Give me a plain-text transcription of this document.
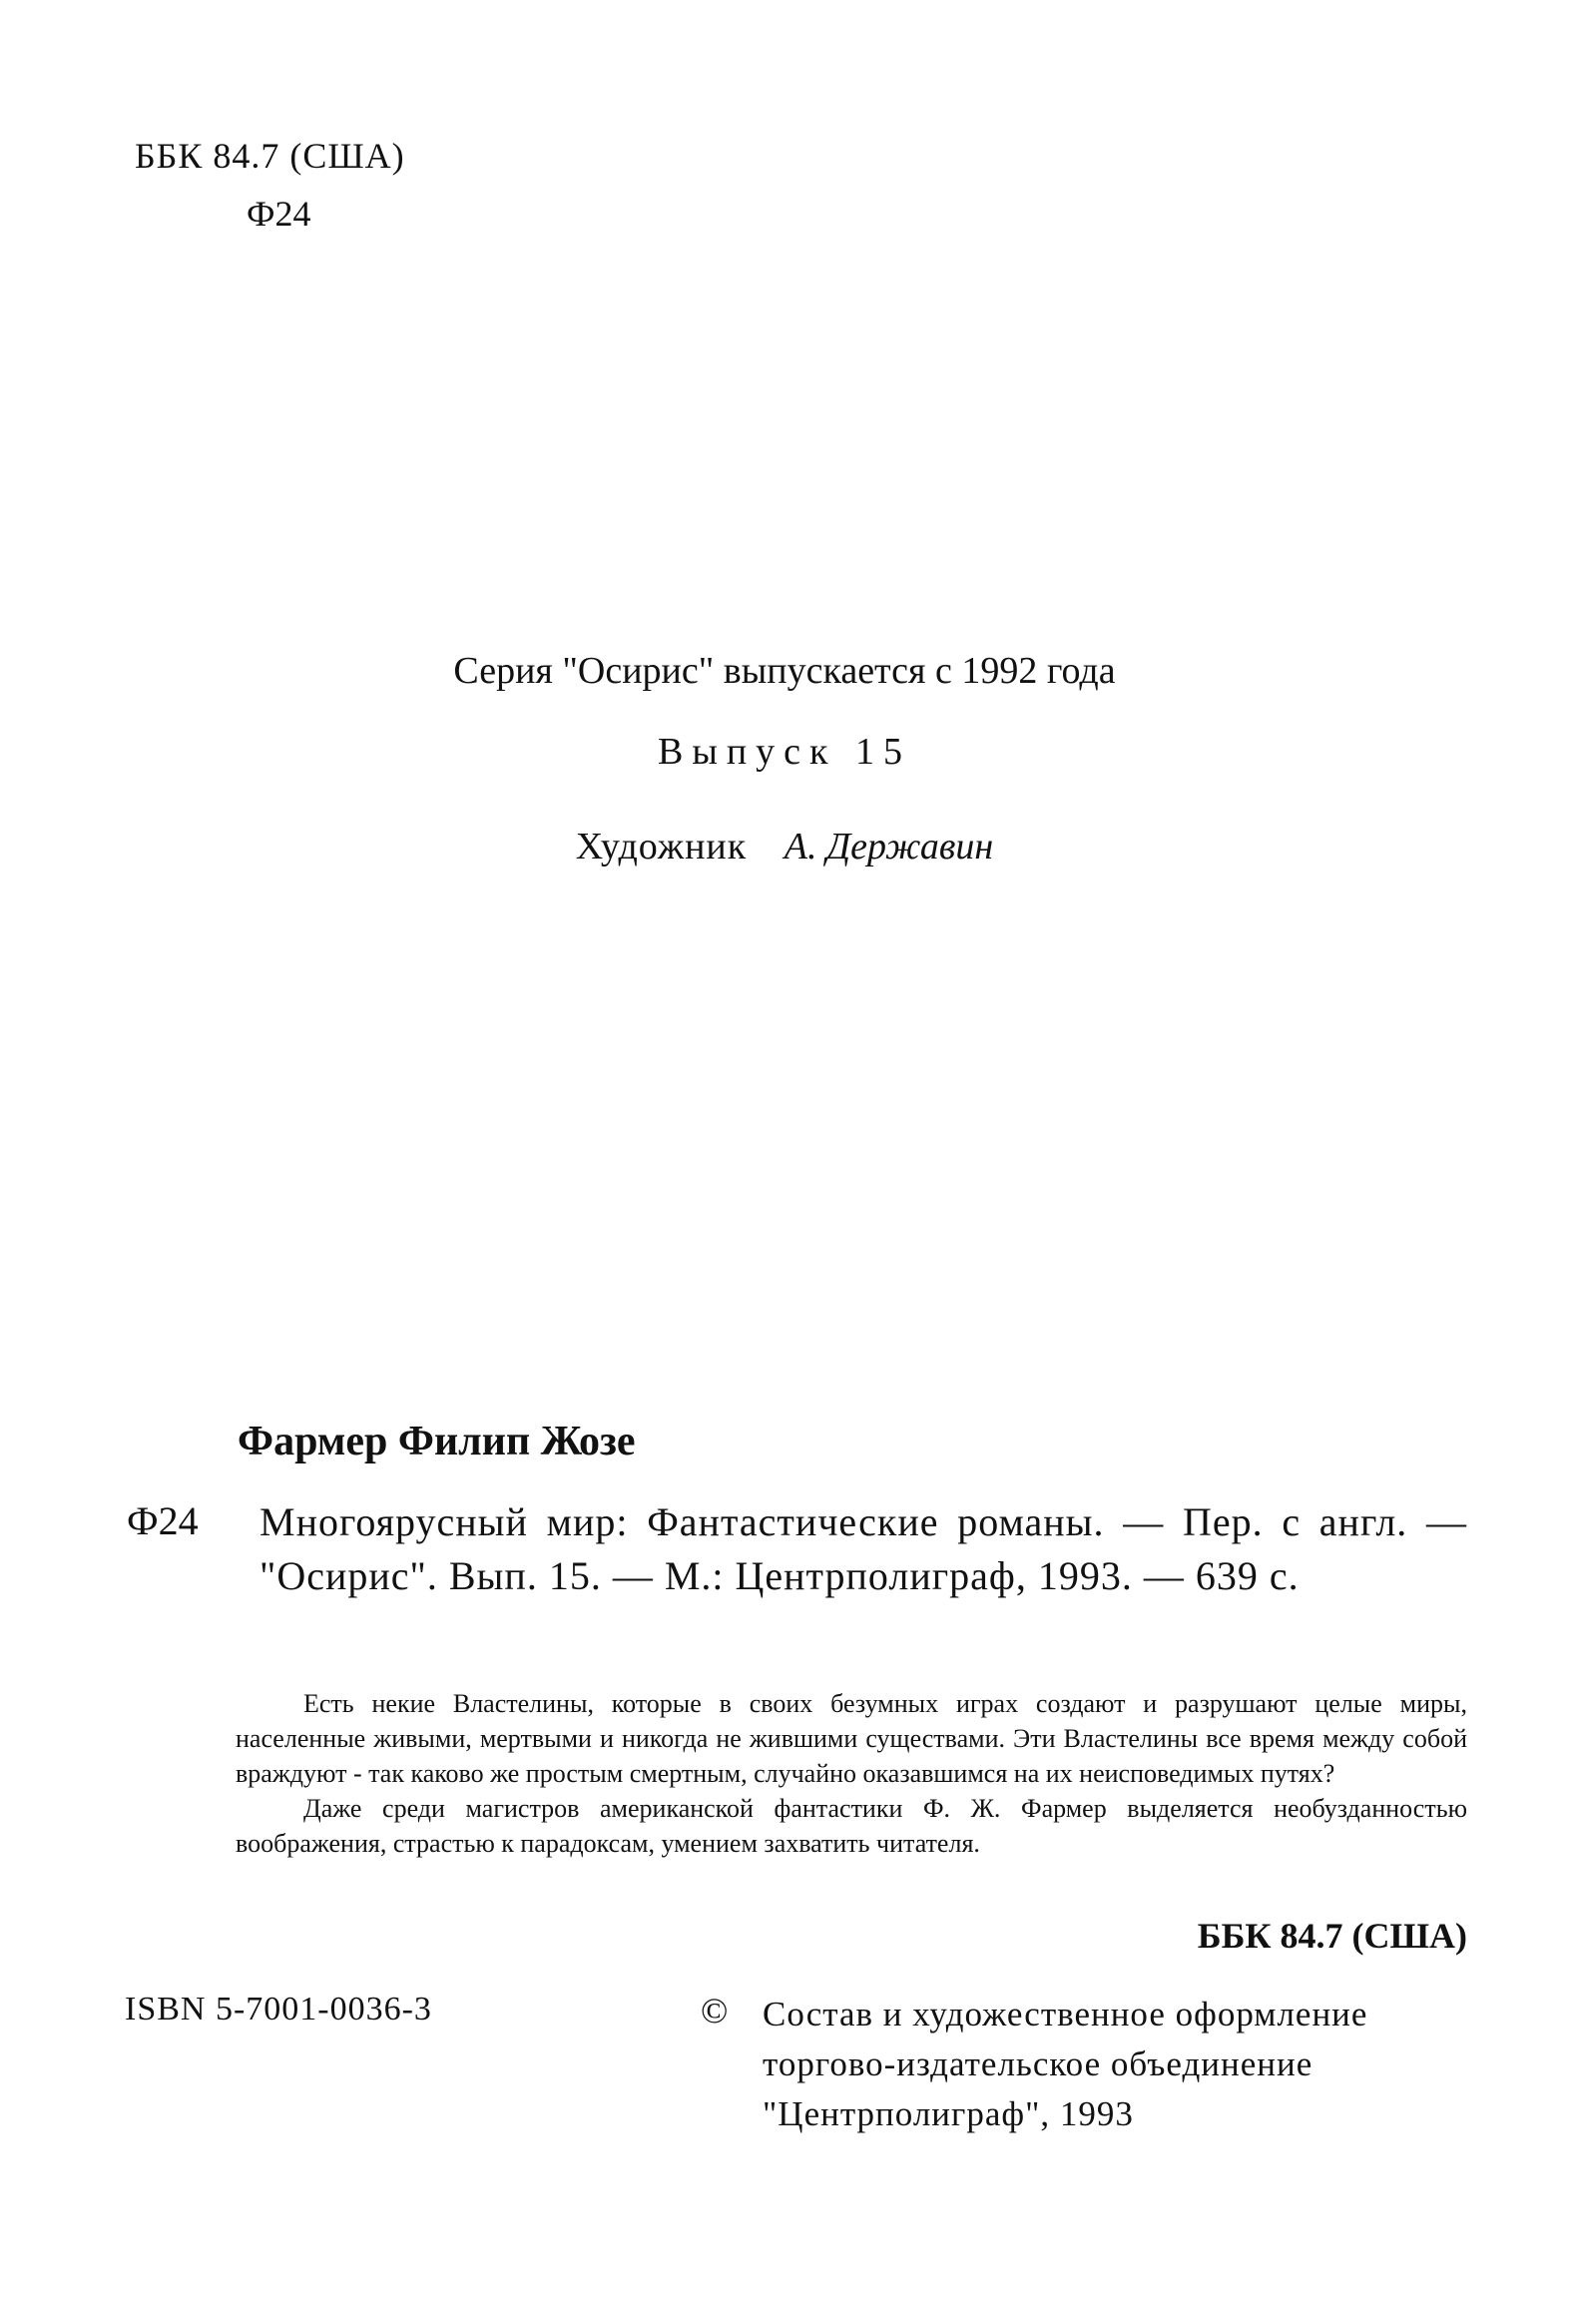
ББК 84.7 (США)
Ф24
Серия "Осирис" выпускается с 1992 года
Выпуск 15
Художник А. Державин
Фармер Филип Жозе
Ф24 Многоярусный мир: Фантастические романы. — Пер. с англ. — "Осирис". Вып. 15. — М.: Центрполиграф, 1993. — 639 с.

Есть некие Властелины, которые в своих безумных играх создают и разрушают целые миры, населенные живыми, мертвыми и никогда не жившими существами. Эти Властелины все время между собой враждуют - так каково же простым смертным, случайно оказавшимся на их неисповедимых путях?

Даже среди магистров американской фантастики Ф. Ж. Фармер выделяется необузданностью воображения, страстью к парадоксам, умением захватить читателя.

ББК 84.7 (США)
ISBN 5-7001-0036-3	© Состав и художественное оформление
торгово-издательское объединение
"Центрполиграф", 1993
